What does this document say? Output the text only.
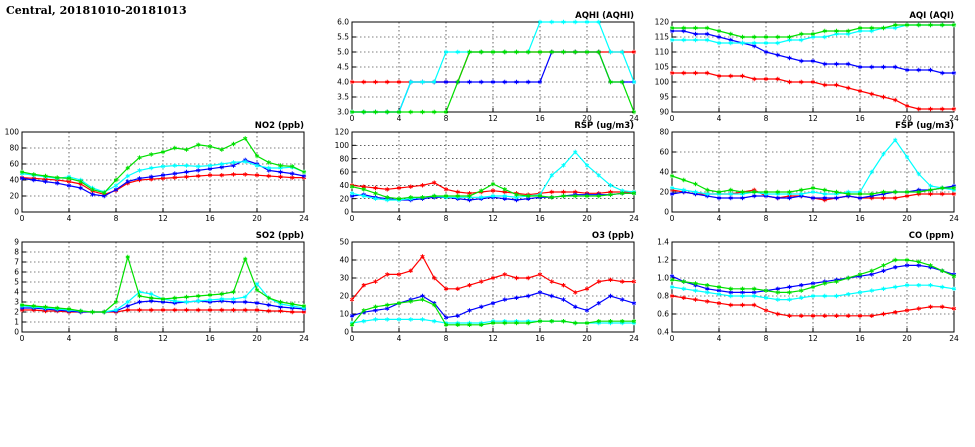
Central, 20181010-20181013	AQHI (AQHI)
3.0
3.5
4.0
4.5
5.0
5.5
6.0
0	4	8	12	16	20	24
AQI (AQI)
90
95
100
105
110
115
120
0	4	8	12	16	20	24
NO2 (ppb)
0
20
40
60
80
100
0	4	8	12	16	20	24
RSP (ug/m3)
0
20
40
60
80
100
120
0	4	8	12	16	20	24
FSP (ug/m3)
0
20
40
60
80
0	4	8	12	16	20	24
SO2 (ppb)
0
1
2
3
4
5
6
7
8
9
0	4	8	12	16	20	24
O3 (ppb)
0
10
20
30
40
50
0	4	8	12	16	20	24
CO (ppm)
0.4
0.6
0.8
1.0
1.2
1.4
0	4	8	12	16	20	24
